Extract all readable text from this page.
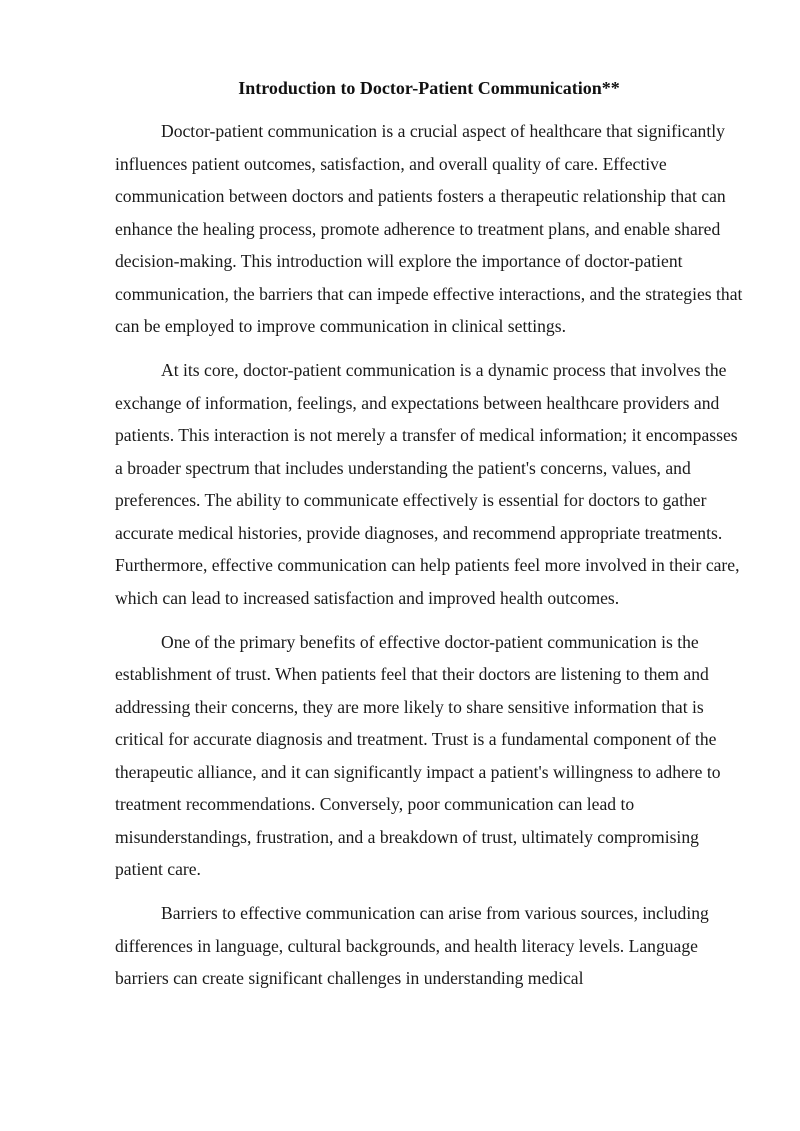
Introduction to Doctor-Patient Communication**

Doctor-patient communication is a crucial aspect of healthcare that significantly influences patient outcomes, satisfaction, and overall quality of care. Effective communication between doctors and patients fosters a therapeutic relationship that can enhance the healing process, promote adherence to treatment plans, and enable shared decision-making. This introduction will explore the importance of doctor-patient communication, the barriers that can impede effective interactions, and the strategies that can be employed to improve communication in clinical settings.

At its core, doctor-patient communication is a dynamic process that involves the exchange of information, feelings, and expectations between healthcare providers and patients. This interaction is not merely a transfer of medical information; it encompasses a broader spectrum that includes understanding the patient's concerns, values, and preferences. The ability to communicate effectively is essential for doctors to gather accurate medical histories, provide diagnoses, and recommend appropriate treatments. Furthermore, effective communication can help patients feel more involved in their care, which can lead to increased satisfaction and improved health outcomes.

One of the primary benefits of effective doctor-patient communication is the establishment of trust. When patients feel that their doctors are listening to them and addressing their concerns, they are more likely to share sensitive information that is critical for accurate diagnosis and treatment. Trust is a fundamental component of the therapeutic alliance, and it can significantly impact a patient's willingness to adhere to treatment recommendations. Conversely, poor communication can lead to misunderstandings, frustration, and a breakdown of trust, ultimately compromising patient care.

Barriers to effective communication can arise from various sources, including differences in language, cultural backgrounds, and health literacy levels. Language barriers can create significant challenges in understanding medical
